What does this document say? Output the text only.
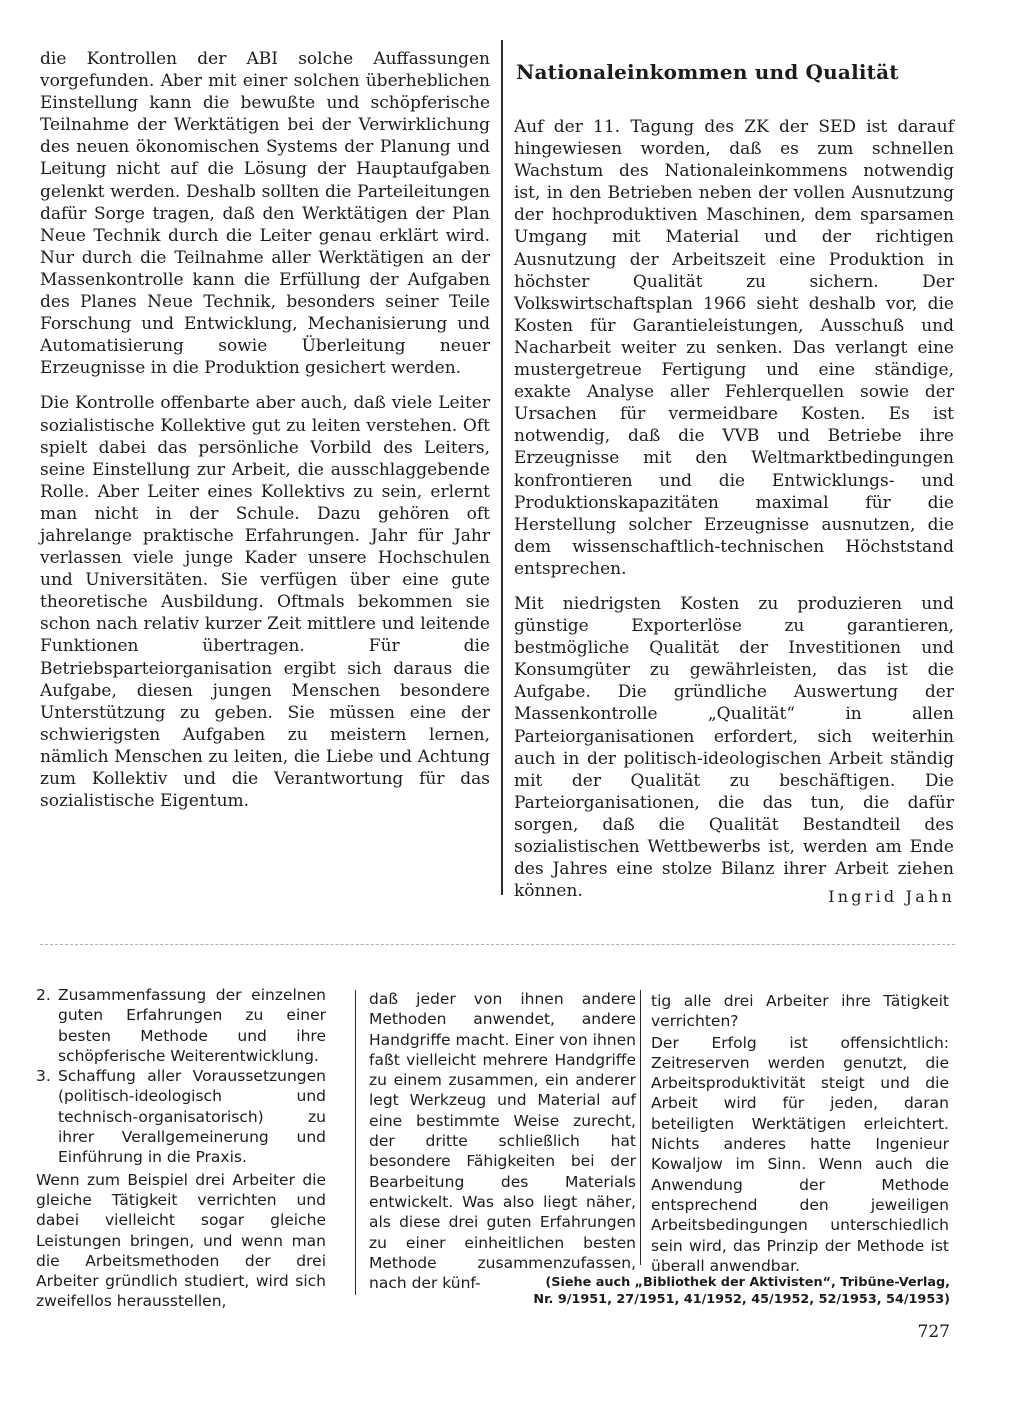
die Kontrollen der ABI solche Auffassungen vorgefunden. Aber mit einer solchen überheblichen Einstellung kann die bewußte und schöpferische Teilnahme der Werktätigen bei der Verwirklichung des neuen ökonomischen Systems der Planung und Leitung nicht auf die Lösung der Hauptaufgaben gelenkt werden. Deshalb sollten die Parteileitungen dafür Sorge tragen, daß den Werktätigen der Plan Neue Technik durch die Leiter genau erklärt wird. Nur durch die Teilnahme aller Werktätigen an der Massenkontrolle kann die Erfüllung der Aufgaben des Planes Neue Technik, besonders seiner Teile Forschung und Entwicklung, Mechanisierung und Automatisierung sowie Überleitung neuer Erzeugnisse in die Produktion gesichert werden.

Die Kontrolle offenbarte aber auch, daß viele Leiter sozialistische Kollektive gut zu leiten verstehen. Oft spielt dabei das persönliche Vorbild des Leiters, seine Einstellung zur Arbeit, die ausschlaggebende Rolle. Aber Leiter eines Kollektivs zu sein, erlernt man nicht in der Schule. Dazu gehören oft jahrelange praktische Erfahrungen. Jahr für Jahr verlassen viele junge Kader unsere Hochschulen und Universitäten. Sie verfügen über eine gute theoretische Ausbildung. Oftmals bekommen sie schon nach relativ kurzer Zeit mittlere und leitende Funktionen übertragen. Für die Betriebsparteiorganisation ergibt sich daraus die Aufgabe, diesen jungen Menschen besondere Unterstützung zu geben. Sie müssen eine der schwierigsten Aufgaben zu meistern lernen, nämlich Menschen zu leiten, die Liebe und Achtung zum Kollektiv und die Verantwortung für das sozialistische Eigentum.

Nationaleinkommen und Qualität

Auf der 11. Tagung des ZK der SED ist darauf hingewiesen worden, daß es zum schnellen Wachstum des Nationaleinkommens notwendig ist, in den Betrieben neben der vollen Ausnutzung der hochproduktiven Maschinen, dem sparsamen Umgang mit Material und der richtigen Ausnutzung der Arbeitszeit eine Produktion in höchster Qualität zu sichern. Der Volkswirtschaftsplan 1966 sieht deshalb vor, die Kosten für Garantieleistungen, Ausschuß und Nacharbeit weiter zu senken. Das verlangt eine mustergetreue Fertigung und eine ständige, exakte Analyse aller Fehlerquellen sowie der Ursachen für vermeidbare Kosten. Es ist notwendig, daß die VVB und Betriebe ihre Erzeugnisse mit den Weltmarktbedingungen konfrontieren und die Entwicklungs- und Produktionskapazitäten maximal für die Herstellung solcher Erzeugnisse ausnutzen, die dem wissenschaftlich-technischen Höchststand entsprechen.

Mit niedrigsten Kosten zu produzieren und günstige Exporterlöse zu garantieren, bestmögliche Qualität der Investitionen und Konsumgüter zu gewährleisten, das ist die Aufgabe. Die gründliche Auswertung der Massenkontrolle „Qualität“ in allen Parteiorganisationen erfordert, sich weiterhin auch in der politisch-ideologischen Arbeit ständig mit der Qualität zu beschäftigen. Die Parteiorganisationen, die das tun, die dafür sorgen, daß die Qualität Bestandteil des sozialistischen Wettbewerbs ist, werden am Ende des Jahres eine stolze Bilanz ihrer Arbeit ziehen können.	Ingrid Jahn
2. Zusammenfassung der einzelnen guten Erfahrungen zu einer besten Methode und ihre schöpferische Weiterentwicklung.
3. Schaffung aller Voraussetzungen (politisch-ideologisch und technisch-organisatorisch) zu ihrer Verallgemeinerung und Einführung in die Praxis.

Wenn zum Beispiel drei Arbeiter die gleiche Tätigkeit verrichten und dabei vielleicht sogar gleiche Leistungen bringen, und wenn man die Arbeitsmethoden der drei Arbeiter gründlich studiert, wird sich zweifellos herausstellen,

daß jeder von ihnen andere Methoden anwendet, andere Handgriffe macht. Einer von ihnen faßt vielleicht mehrere Handgriffe zu einem zusammen, ein anderer legt Werkzeug und Material auf eine bestimmte Weise zurecht, der dritte schließlich hat besondere Fähigkeiten bei der Bearbeitung des Materials entwickelt. Was also liegt näher, als diese drei guten Erfahrungen zu einer einheitlichen besten Methode zusammenzufassen, nach der künf-

tig alle drei Arbeiter ihre Tätigkeit verrichten?

Der Erfolg ist offensichtlich: Zeitreserven werden genutzt, die Arbeitsproduktivität steigt und die Arbeit wird für jeden, daran beteiligten Werktätigen erleichtert. Nichts anderes hatte Ingenieur Kowaljow im Sinn. Wenn auch die Anwendung der Methode entsprechend den jeweiligen Arbeitsbedingungen unterschiedlich sein wird, das Prinzip der Methode ist überall anwendbar.

(Siehe auch „Bibliothek der Aktivisten“, Tribüne-Verlag,
Nr. 9/1951, 27/1951, 41/1952, 45/1952, 52/1953, 54/1953)
727
